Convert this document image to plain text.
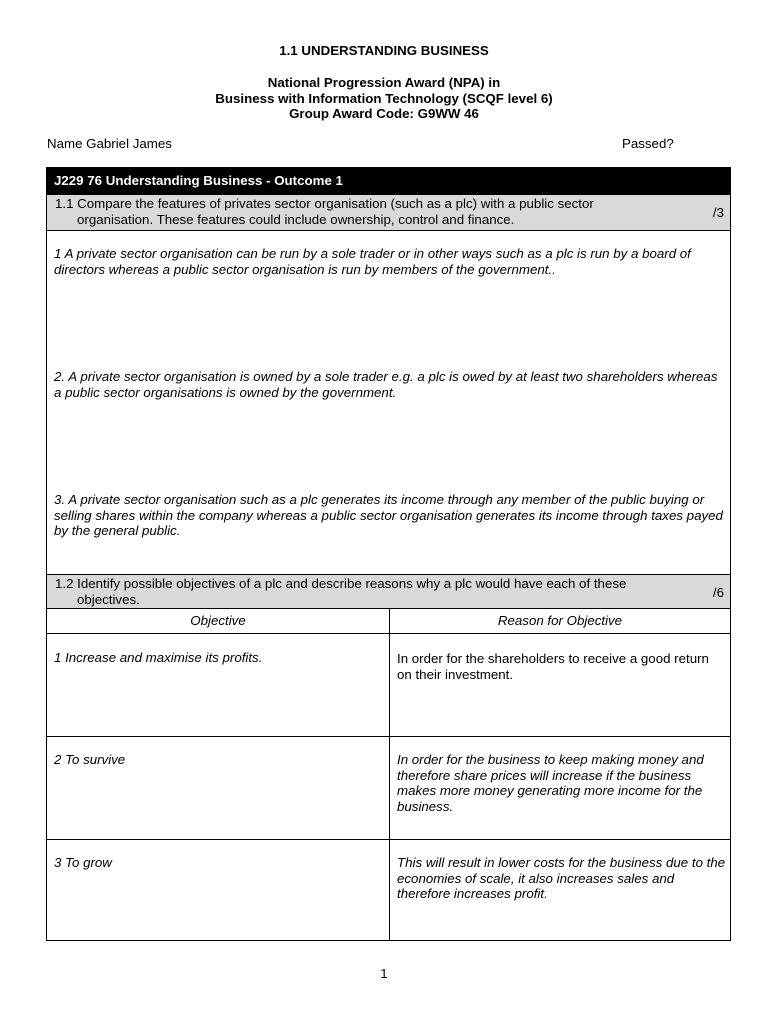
1.1 UNDERSTANDING BUSINESS
National Progression Award (NPA) in
Business with Information Technology (SCQF level 6)
Group Award Code: G9WW 46
Name Gabriel James	Passed?
J229 76 Understanding Business - Outcome 1
1.1 Compare the features of privates sector organisation (such as a plc) with a public sector
organisation. These features could include ownership, control and finance.	/3
1 A private sector organisation can be run by a sole trader or in other ways such as a plc is run by a board of directors whereas a public sector organisation is run by members of the government..
2. A private sector organisation is owned by a sole trader e.g. a plc is owed by at least two shareholders whereas a public sector organisations is owned by the government.
3. A private sector organisation such as a plc generates its income through any member of the public buying or selling shares within the company whereas a public sector organisation generates its income through taxes payed by the general public.
1.2 Identify possible objectives of a plc and describe reasons why a plc would have each of these
objectives.	/6
Objective	Reason for Objective
1 Increase and maximise its profits.	In order for the shareholders to receive a good return on their investment.
2 To survive	In order for the business to keep making money and therefore share prices will increase if the business makes more money generating more income for the business.
3 To grow	This will result in lower costs for the business due to the economies of scale, it also increases sales and therefore increases profit.
1
